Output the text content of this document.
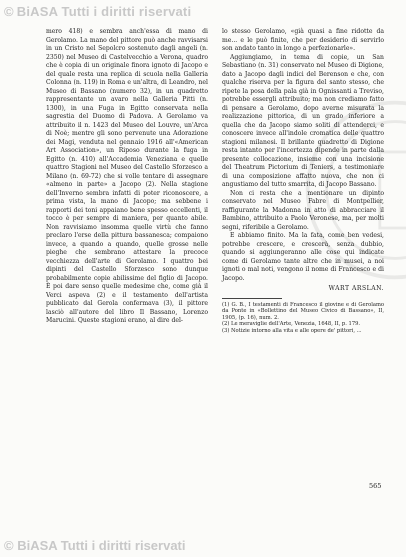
© BiASA Tutti i diritti riservati

mero 418) e sembra anch'essa di mano di Gerolamo. La mano del pittore può anche ravvisarsi in un Cristo nel Sepolcro sostenuto dagli angeli (n. 2350) nel Museo di Castelvecchio a Verona, quadro che è copia di un originale finora ignoto di Jacopo e del quale resta una replica di scuola nella Galleria Colonna (n. 119) in Roma e un'altra, di Leandro, nel Museo di Bassano (numero 32), in un quadretto rappresentante un avaro nella Galleria Pitti (n. 1300), in una Fuga in Egitto conservata nella sagrestia del Duomo di Padova. A Gerolamo va attribuito il n. 1423 del Museo del Louvre, un'Arca di Noè; mentre gli sono pervenute una Adorazione dei Magi, venduta nel gennaio 1916 all'«American Art Association», un Riposo durante la fuga in Egitto (n. 410) all'Accademia Veneziana e quelle quattro Stagioni nel Museo del Castello Sforzesco a Milano (n. 69-72) che si volle tentare di assegnare «almeno in parte» a Jacopo (2). Nella stagione dell'Inverno sembra infatti di poter riconoscere, a prima vista, la mano di Jacopo; ma sebbene i rapporti dei toni appaiano bene spesso eccellenti, il tocco è per sempre di maniera, per quanto abile. Non ravvisiamo insomma quelle virtù che fanno preclaro l'erse della pittura bassanesca; compaiono invece, a quando a quando, quelle grosse nelle pieghe che sembrano attestare la precoce vecchiezza dell'arte di Gerolamo. I quattro bei dipinti del Castello Sforzesco sono dunque probabilmente copie abilissime del figlio di Jacopo. È poi dare senso quelle medesime che, come già il Verci aspeva (2) e il testamento dell'artista pubblicato dal Gerola confermava (3), il pittore lasciò all'autore del libro Il Bassano, Lorenzo Marucini. Queste stagioni erano, al dire del-

lo stesso Gerolamo, «già quasi a fine ridotte da me... e le può finite, che per desiderio di servirlo son andato tanto in longo a perfezionarle».

Aggiungiamo, in tema di copie, un San Sebastiano (n. 31) conservato nel Museo di Digione, dato a Jacopo dagli indici del Berenson e che, con qualche riserva per la figura del santo stesso, che ripete la posa della pala già in Ognissanti a Treviso, potrebbe essergli attribuito; ma non crediamo fatto di pensare a Gerolamo, dopo averne misurata la realizzazione pittorica, di un grado inferiore a quella che da Jacopo siamo soliti di attenderci, e conoscere invece all'indole cromatica delle quattro stagioni milanesi. Il brillante quadretto di Digione resta intanto per l'incertezza dipende in parte dalla presente collocazione, insieme con una incisione del Theatrum Pictorium di Teniers, a testimoniare di una composizione affatto nuova, che non ci angustiamo del tutto smarrita, di Jacopo Bassano.

Non ci resta che a mentionare un dipinto conservato nel Museo Fabre di Montpellier, raffigurante la Madonna in atto di abbracciare il Bambino, attribuito a Paolo Veronese, ma, per molti segni, riferibile a Gerolamo.

E abbiamo finito. Ma la fata, come ben vedesi, potrebbe crescere, e crescerà, senza dubbio, quando si aggiungeranno alle cose qui indicate come di Gerolamo tante altre che in musei, a noi ignoti o mal noti, vengono il nome di Francesco e di Jacopo.

WART ARSLAN.

(1) G. B., I testamenti di Francesco il giovine e di Gerolamo da Ponte in «Bollettino del Museo Civico di Bassano», II, 1905, (p. 16), num. 2.

(2) Le meraviglie dell'Arte, Venezia, 1648, II, p. 179.

(3) Notizie intorno alla vita e alle opere de' pittori, ...

565
© BiASA Tutti i diritti riservati
